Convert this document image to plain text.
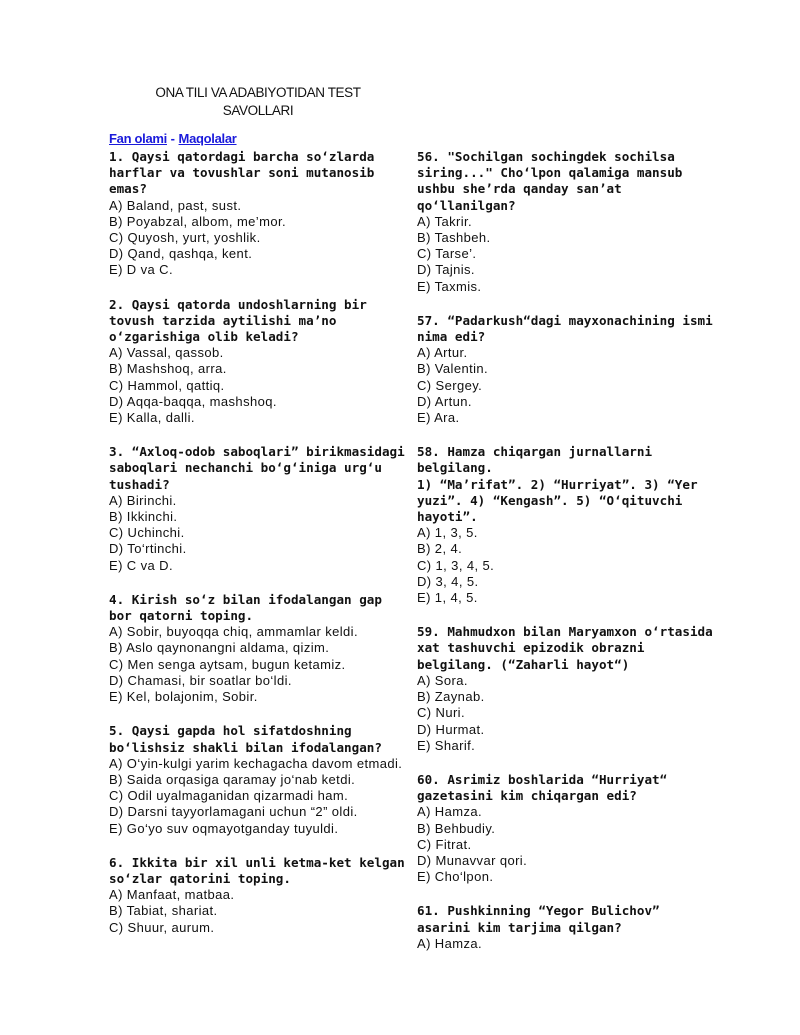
ONA TILI VA ADABIYOTIDAN TEST
SAVOLLARI
Fan olami - Maqolalar
1. Qaysi qatordagi barcha so‘zlarda harflar va tovushlar soni mutanosib emas?
A) Baland, past, sust.
B) Poyabzal, albom, me’mor.
C) Quyosh, yurt, yoshlik.
D) Qand, qashqa, kent.
E) D va C.
2. Qaysi qatorda undoshlarning bir tovush tarzida aytilishi ma’no o‘zgarishiga olib keladi?
A) Vassal, qassob.
B) Mashshoq, arra.
C) Hammol, qattiq.
D) Aqqa-baqqa, mashshoq.
E) Kalla, dalli.
3. “Axloq-odob saboqlari” birikmasidagi saboqlari nechanchi bo‘g‘iniga urg‘u tushadi?
A) Birinchi.
B) Ikkinchi.
C) Uchinchi.
D) To‘rtinchi.
E) C va D.
4. Kirish so‘z bilan ifodalangan gap bor qatorni toping.
A) Sobir, buyoqqa chiq, ammamlar keldi.
B) Aslo qaynonangni aldama, qizim.
C) Men senga aytsam, bugun ketamiz.
D) Chamasi, bir soatlar bo‘ldi.
E) Kel, bolajonim, Sobir.
5. Qaysi gapda hol sifatdoshning bo‘lishsiz shakli bilan ifodalangan?
A) O‘yin-kulgi yarim kechagacha davom etmadi.
B) Saida orqasiga qaramay jo‘nab ketdi.
C) Odil uyalmaganidan qizarmadi ham.
D) Darsni tayyorlamagani uchun “2” oldi.
E) Go‘yo suv oqmayotganday tuyuldi.
6. Ikkita bir xil unli ketma-ket kelgan so‘zlar qatorini toping.
A) Manfaat, matbaa.
B) Tabiat, shariat.
C) Shuur, aurum.
56. "Sochilgan sochingdek sochilsa siring..." Cho‘lpon qalamiga mansub ushbu she’rda qanday san’at qo‘llanilgan?
A) Takrir.
B) Tashbeh.
C) Tarse’.
D) Tajnis.
E) Taxmis.
57. “Padarkush“dagi mayxonachining ismi nima edi?
A) Artur.
B) Valentin.
C) Sergey.
D) Artun.
E) Ara.
58. Hamza chiqargan jurnallarni belgilang.
1) “Ma’rifat”. 2) “Hurriyat”. 3) “Yer yuzi”. 4) “Kengash”. 5) “O‘qituvchi hayoti”.
A) 1, 3, 5.
B) 2, 4.
C) 1, 3, 4, 5.
D) 3, 4, 5.
E) 1, 4, 5.
59. Mahmudxon bilan Maryamxon o‘rtasida xat tashuvchi epizodik obrazni belgilang. (“Zaharli hayot“)
A) Sora.
B) Zaynab.
C) Nuri.
D) Hurmat.
E) Sharif.
60. Asrimiz boshlarida “Hurriyat“ gazetasini kim chiqargan edi?
A) Hamza.
B) Behbudiy.
C) Fitrat.
D) Munavvar qori.
E) Cho‘lpon.
61. Pushkinning “Yegor Bulichov” asarini kim tarjima qilgan?
A) Hamza.
